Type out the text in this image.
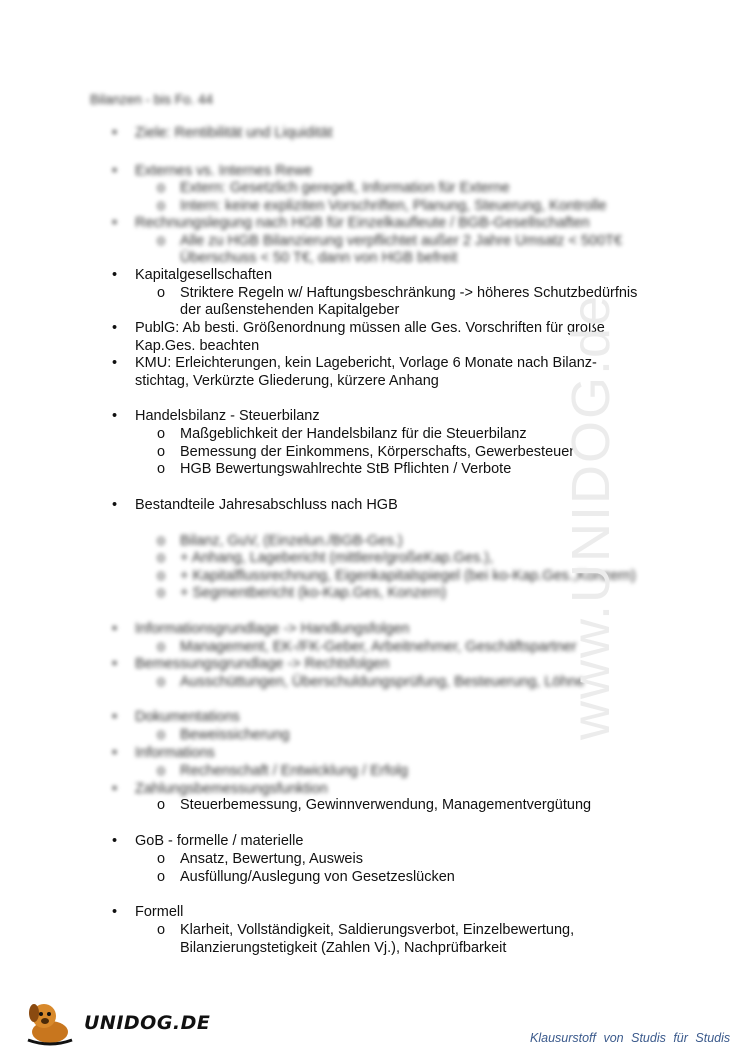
Bilanzen - bis Fo. 44
• Ziele: Rentibilität und Liquidität
• Externes vs. Internes Rewe
o Extern: Gesetzlich geregelt, Information für Externe
o Intern: keine expliziten Vorschriften, Planung, Steuerung, Kontrolle
• Rechnungslegung nach HGB für Einzelkaufleute / BGB-Gesellschaften
o Alle zu HGB Bilanzierung verpflichtet außer 2 Jahre Umsatz < 500T€
Überschuss < 50 T€, dann von HGB befreit
• Kapitalgesellschaften
o Striktere Regeln w/ Haftungsbeschränkung -> höheres Schutzbedürfnis
der außenstehenden Kapitalgeber
• PublG: Ab besti. Größenordnung müssen alle Ges. Vorschriften für große
Kap.Ges. beachten
• KMU: Erleichterungen, kein Lagebericht, Vorlage 6 Monate nach Bilanz-
stichtag, Verkürzte Gliederung, kürzere Anhang
• Handelsbilanz - Steuerbilanz
o Maßgeblichkeit der Handelsbilanz für die Steuerbilanz
o Bemessung der Einkommens, Körperschafts, Gewerbesteuer
o HGB Bewertungswahlrechte StB Pflichten / Verbote
• Bestandteile Jahresabschluss nach HGB
o Bilanz, GuV, (Einzelun./BGB-Ges.)
o + Anhang, Lagebericht (mittlere/großeKap.Ges.),
o + Kapitalflussrechnung, Eigenkapitalspiegel (bei ko-Kap.Ges.,Konzern)
o + Segmentbericht (ko-Kap.Ges, Konzern)
• Informationsgrundlage -> Handlungsfolgen
o Management, EK-/FK-Geber, Arbeitnehmer, Geschäftspartner
• Bemessungsgrundlage -> Rechtsfolgen
o Ausschüttungen, Überschuldungsprüfung, Besteuerung, Löhne
• Dokumentations
o Beweissicherung
• Informations
o Rechenschaft / Entwicklung / Erfolg
• Zahlungsbemessungsfunktion
o Steuerbemessung, Gewinnverwendung, Managementvergütung
• GoB - formelle / materielle
o Ansatz, Bewertung, Ausweis
o Ausfüllung/Auslegung von Gesetzeslücken
• Formell
o Klarheit, Vollständigkeit, Saldierungsverbot, Einzelbewertung,
Bilanzierungstetigkeit (Zahlen Vj.), Nachprüfbarkeit
www.UNIDOG.de
UNIDOG.DE
Klausurstoff von Studis für Studis
